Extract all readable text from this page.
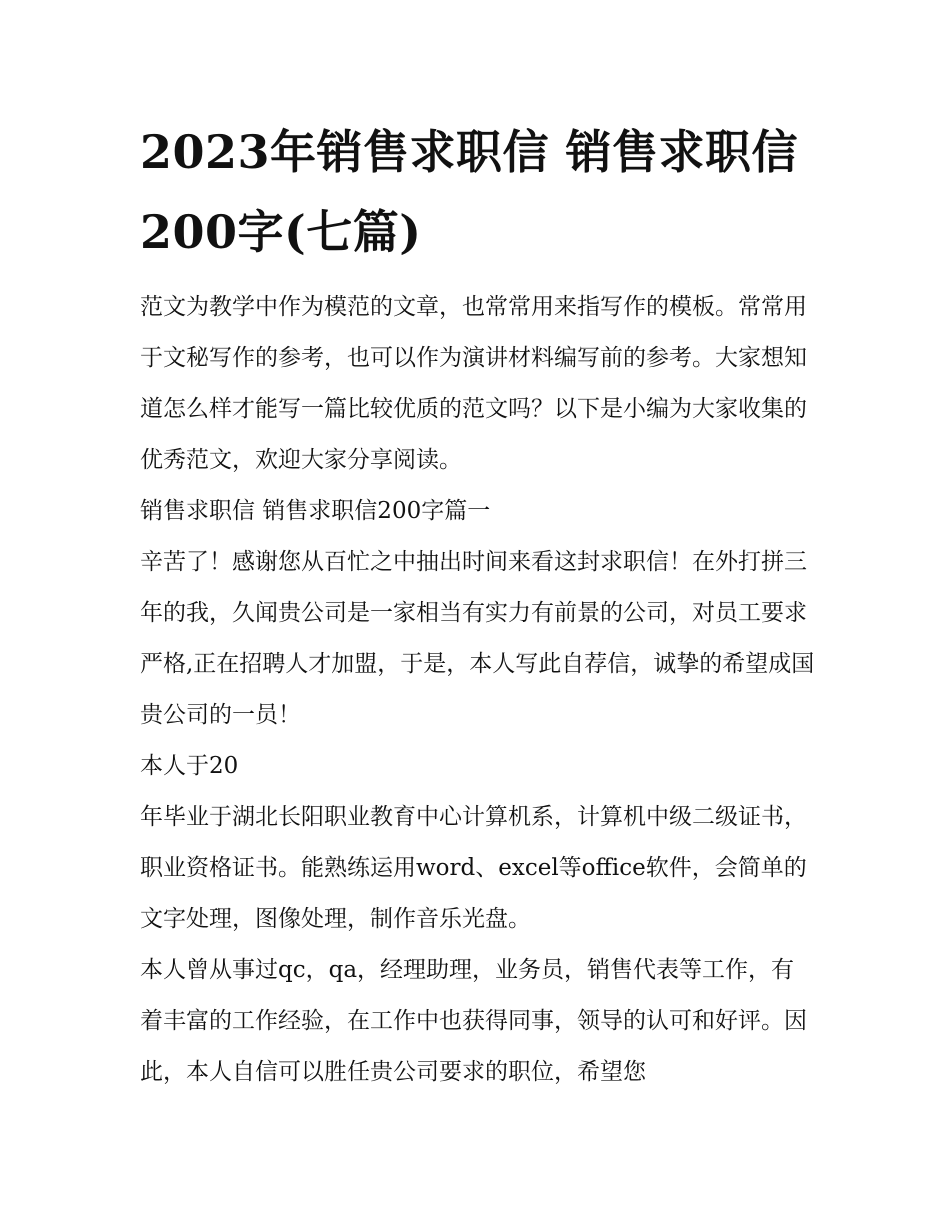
2023年销售求职信 销售求职信200字(七篇)

范文为教学中作为模范的文章，也常常用来指写作的模板。常常用于文秘写作的参考，也可以作为演讲材料编写前的参考。大家想知道怎么样才能写一篇比较优质的范文吗？以下是小编为大家收集的优秀范文，欢迎大家分享阅读。

销售求职信 销售求职信200字篇一

辛苦了！感谢您从百忙之中抽出时间来看这封求职信！在外打拼三年的我，久闻贵公司是一家相当有实力有前景的公司，对员工要求严格,正在招聘人才加盟，于是，本人写此自荐信，诚挚的希望成国贵公司的一员！

本人于20

年毕业于湖北长阳职业教育中心计算机系，计算机中级二级证书，职业资格证书。能熟练运用word、excel等office软件，会简单的文字处理，图像处理，制作音乐光盘。

本人曾从事过qc，qa，经理助理，业务员，销售代表等工作，有着丰富的工作经验，在工作中也获得同事，领导的认可和好评。因此，本人自信可以胜任贵公司要求的职位，希望您
